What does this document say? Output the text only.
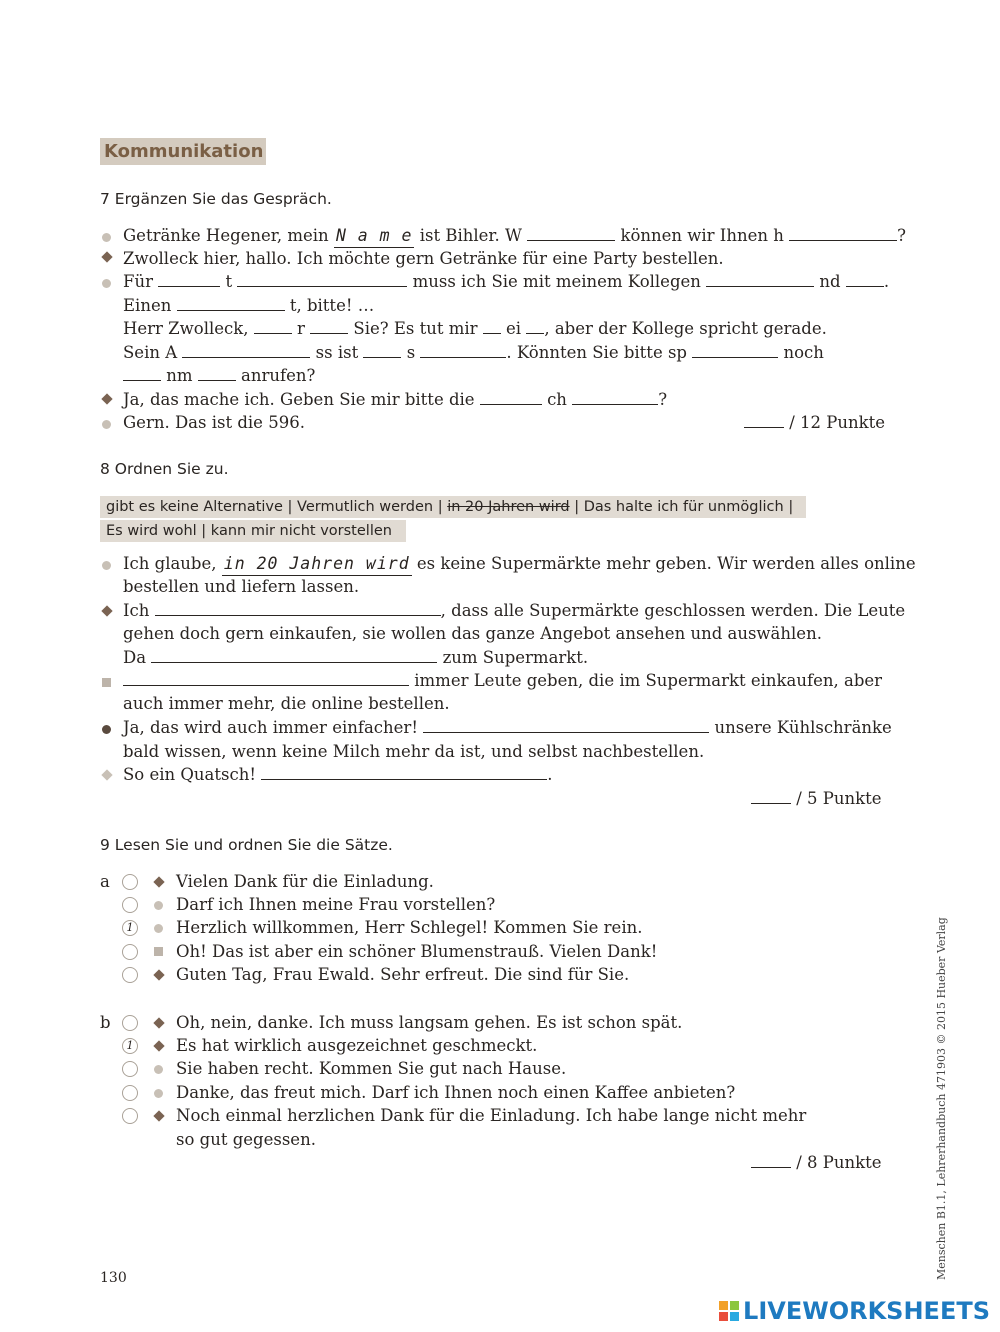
Kommunikation
7 Ergänzen Sie das Gespräch.
Getränke Hegener, mein N a m e ist Bihler. W	können wir Ihnen h	?
Zwolleck hier, hallo. Ich möchte gern Getränke für eine Party bestellen.
Für	t	muss ich Sie mit meinem Kollegen	nd	.
Einen	t, bitte! …
Herr Zwolleck,	r	Sie? Es tut mir ei , aber der Kollege spricht gerade.
Sein A	ss ist	s	. Könnten Sie bitte sp	noch
nm	anrufen?
Ja, das mache ich. Geben Sie mir bitte die	ch	?
Gern. Das ist die 596.	/ 12 Punkte
8 Ordnen Sie zu.
gibt es keine Alternative | Vermutlich werden | in 20 Jahren wird | Das halte ich für unmöglich |
Es wird wohl | kann mir nicht vorstellen
Ich glaube, in 20 Jahren wird es keine Supermärkte mehr geben. Wir werden alles online
bestellen und liefern lassen.
Ich	, dass alle Supermärkte geschlossen werden. Die Leute
gehen doch gern einkaufen, sie wollen das ganze Angebot ansehen und auswählen.
Da	zum Supermarkt.
immer Leute geben, die im Supermarkt einkaufen, aber
auch immer mehr, die online bestellen.
Ja, das wird auch immer einfacher!	unsere Kühlschränke
bald wissen, wenn keine Milch mehr da ist, und selbst nachbestellen.
So ein Quatsch!	.
/ 5 Punkte
9 Lesen Sie und ordnen Sie die Sätze.
a	Vielen Dank für die Einladung.
Darf ich Ihnen meine Frau vorstellen?
1	Herzlich willkommen, Herr Schlegel! Kommen Sie rein.
Oh! Das ist aber ein schöner Blumenstrauß. Vielen Dank!
Guten Tag, Frau Ewald. Sehr erfreut. Die sind für Sie.
b	Oh, nein, danke. Ich muss langsam gehen. Es ist schon spät.
1	Es hat wirklich ausgezeichnet geschmeckt.
Sie haben recht. Kommen Sie gut nach Hause.
Danke, das freut mich. Darf ich Ihnen noch einen Kaffee anbieten?
Noch einmal herzlichen Dank für die Einladung. Ich habe lange nicht mehr
so gut gegessen.
/ 8 Punkte
130	Menschen B1.1, Lehrerhandbuch 471903 © 2015 Hueber Verlag
LIVEWORKSHEETS
